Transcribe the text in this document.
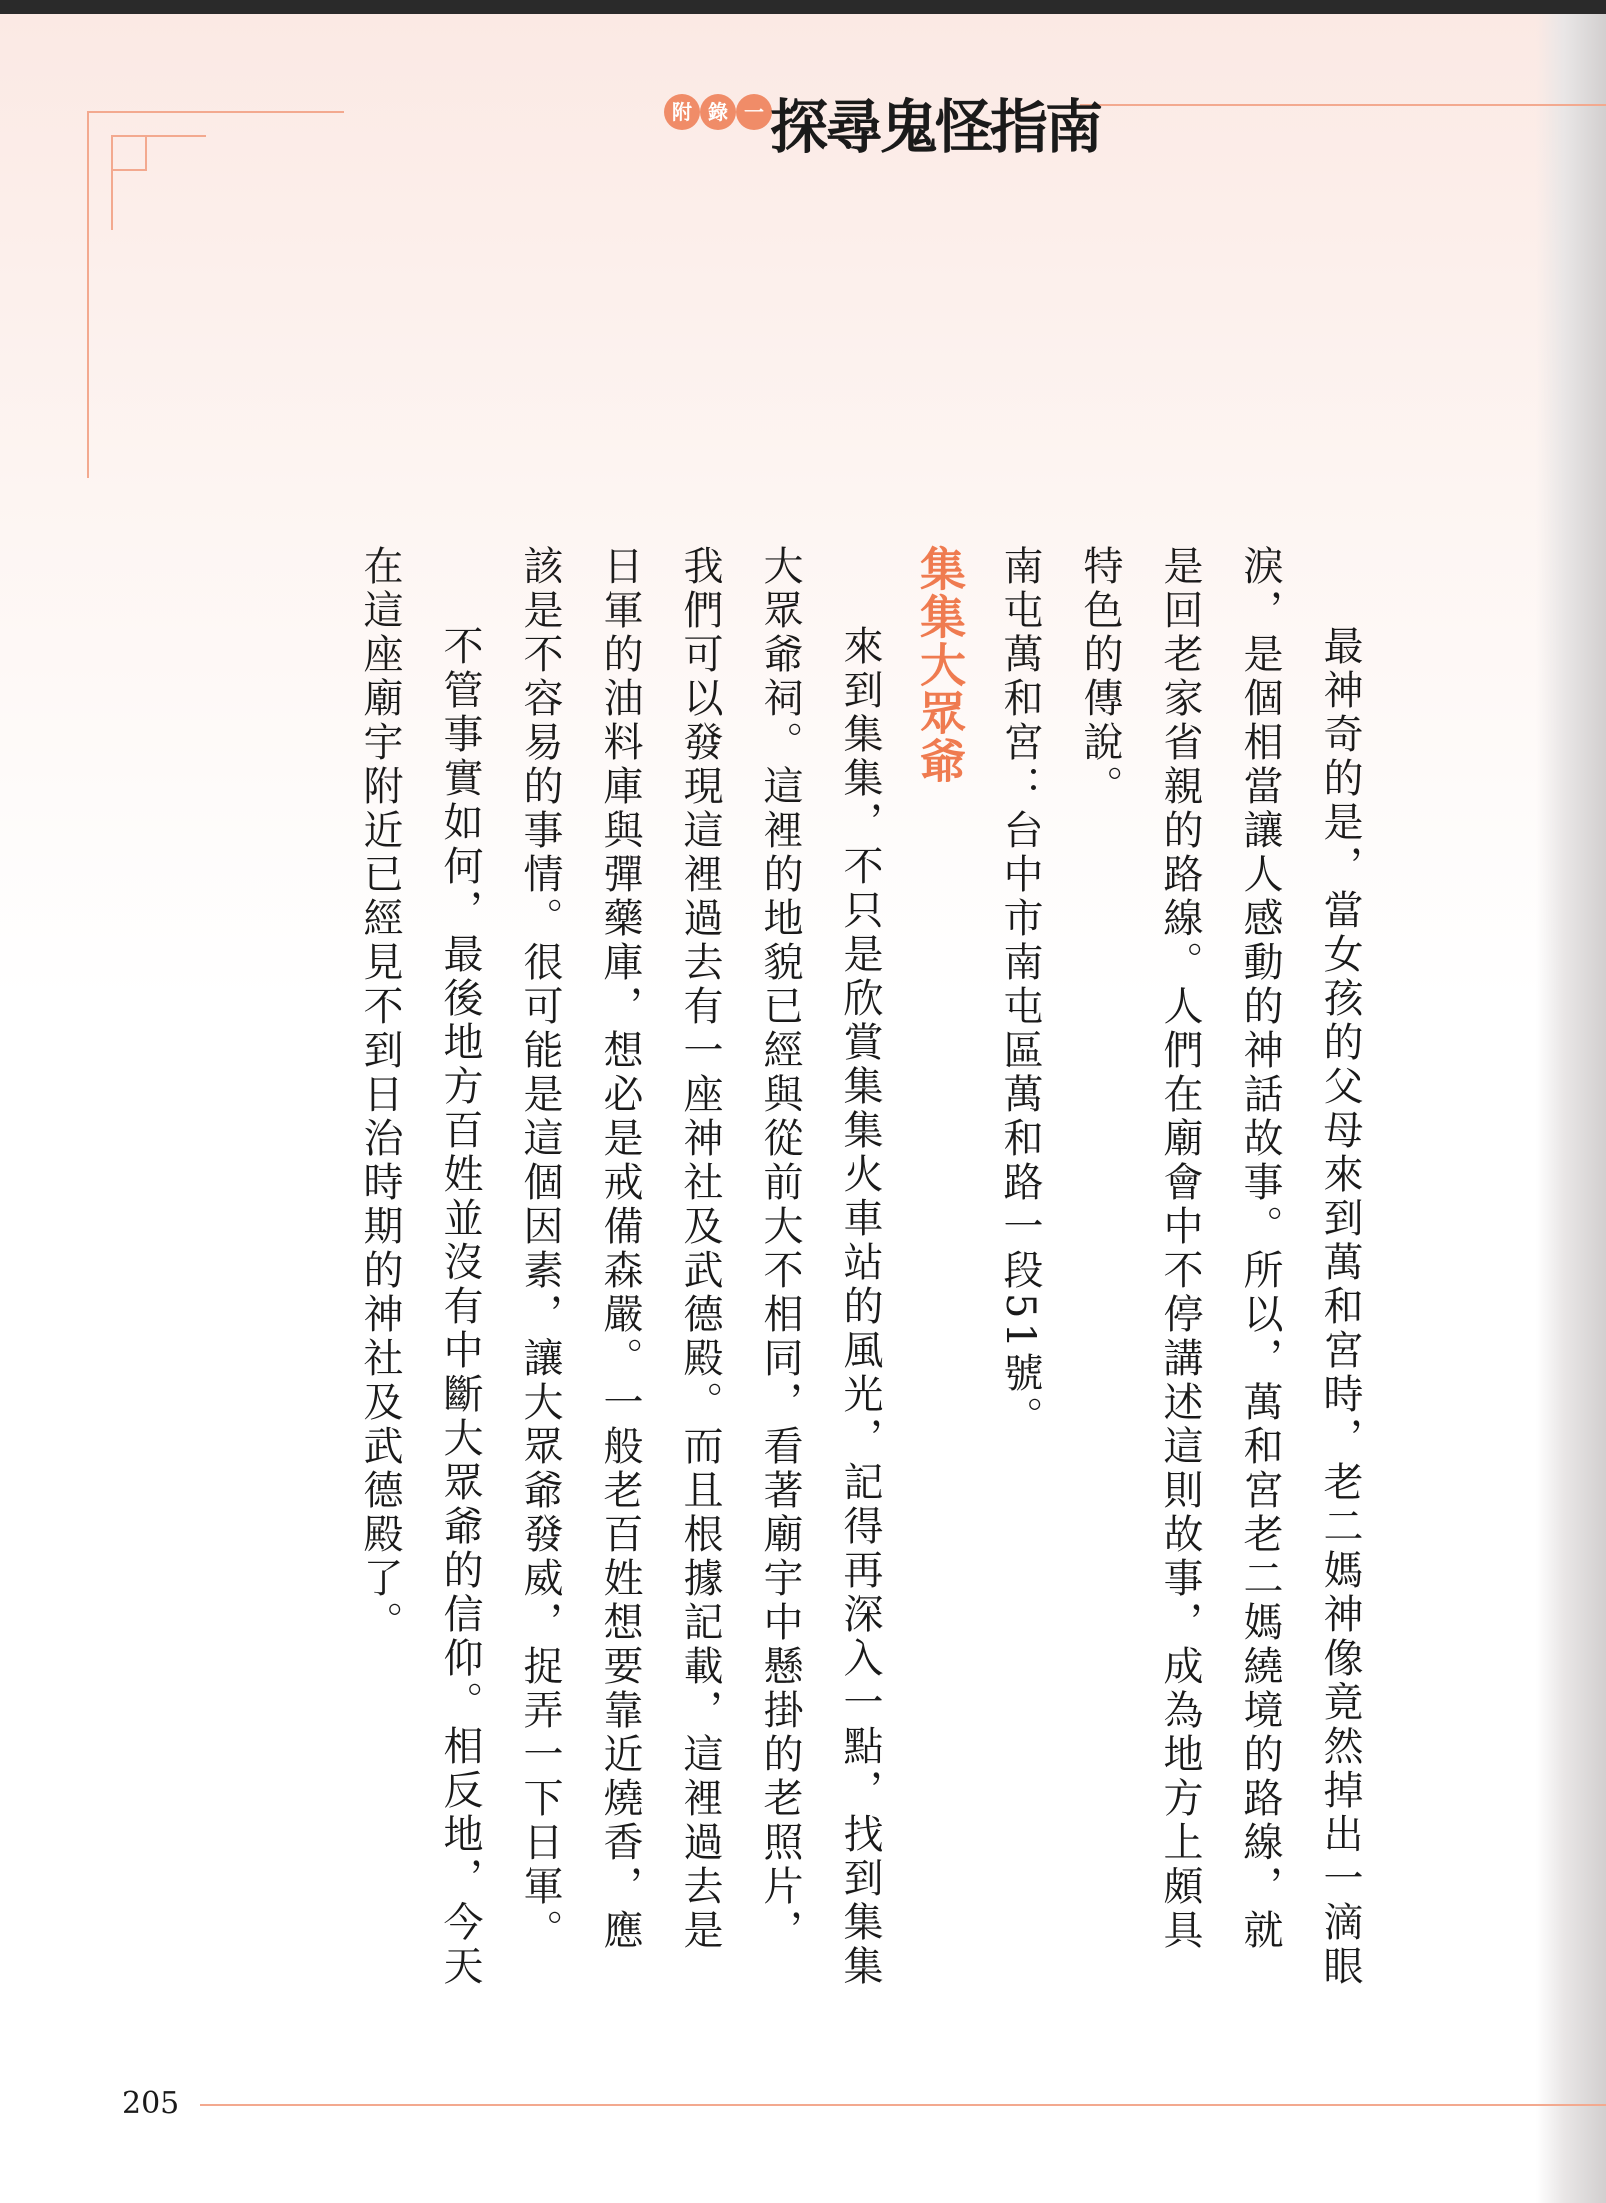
附 錄 一 探尋鬼怪指南

最神奇的是，當女孩的父母來到萬和宮時，老二媽神像竟然掉出一滴眼淚，是個相當讓人感動的神話故事。所以，萬和宮老二媽繞境的路線，就是回老家省親的路線。人們在廟會中不停講述這則故事，成為地方上頗具特色的傳說。

南屯萬和宮：台中市南屯區萬和路一段51號。

集集大眾爺

來到集集，不只是欣賞集集火車站的風光，記得再深入一點，找到集集大眾爺祠。這裡的地貌已經與從前大不相同，看著廟宇中懸掛的老照片，我們可以發現這裡過去有一座神社及武德殿。而且根據記載，這裡過去是日軍的油料庫與彈藥庫，想必是戒備森嚴。一般老百姓想要靠近燒香，應該是不容易的事情。很可能是這個因素，讓大眾爺發威，捉弄一下日軍。

不管事實如何，最後地方百姓並沒有中斷大眾爺的信仰。相反地，今天在這座廟宇附近已經見不到日治時期的神社及武德殿了。

205
